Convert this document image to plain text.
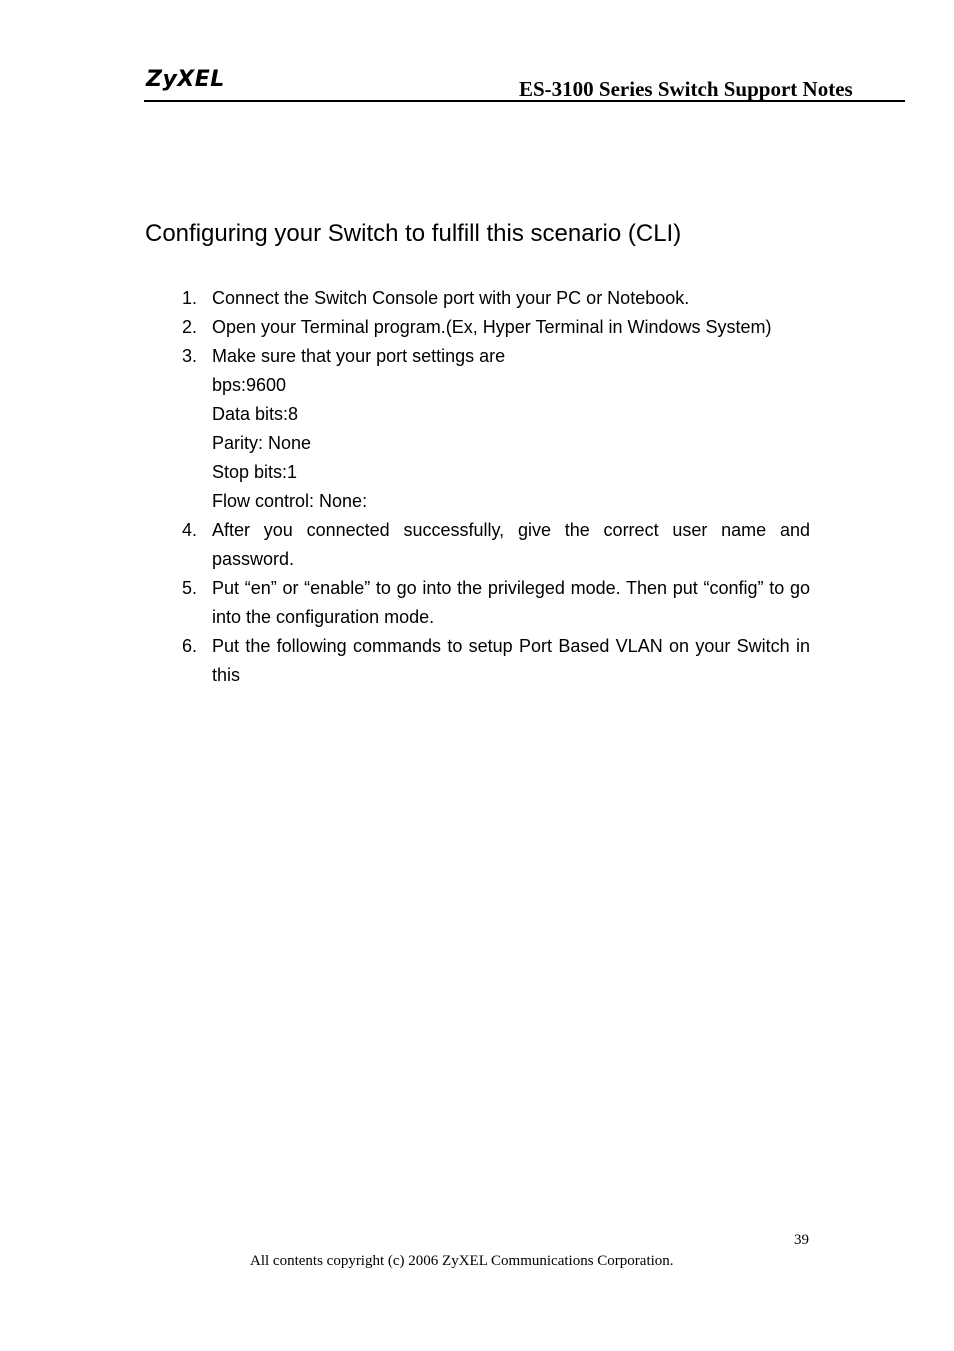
ZyXEL	ES-3100 Series Switch Support Notes
Configuring your Switch to fulfill this scenario (CLI)
1. Connect the Switch Console port with your PC or Notebook.
2. Open your Terminal program.(Ex, Hyper Terminal in Windows System)
3. Make sure that your port settings are
bps:9600
Data bits:8
Parity: None
Stop bits:1
Flow control: None:
4. After you connected successfully, give the correct user name and password.
5. Put “en” or “enable” to go into the privileged mode. Then put “config” to go into the configuration mode.
6. Put the following commands to setup Port Based VLAN on your Switch in this
39
All contents copyright (c) 2006 ZyXEL Communications Corporation.
